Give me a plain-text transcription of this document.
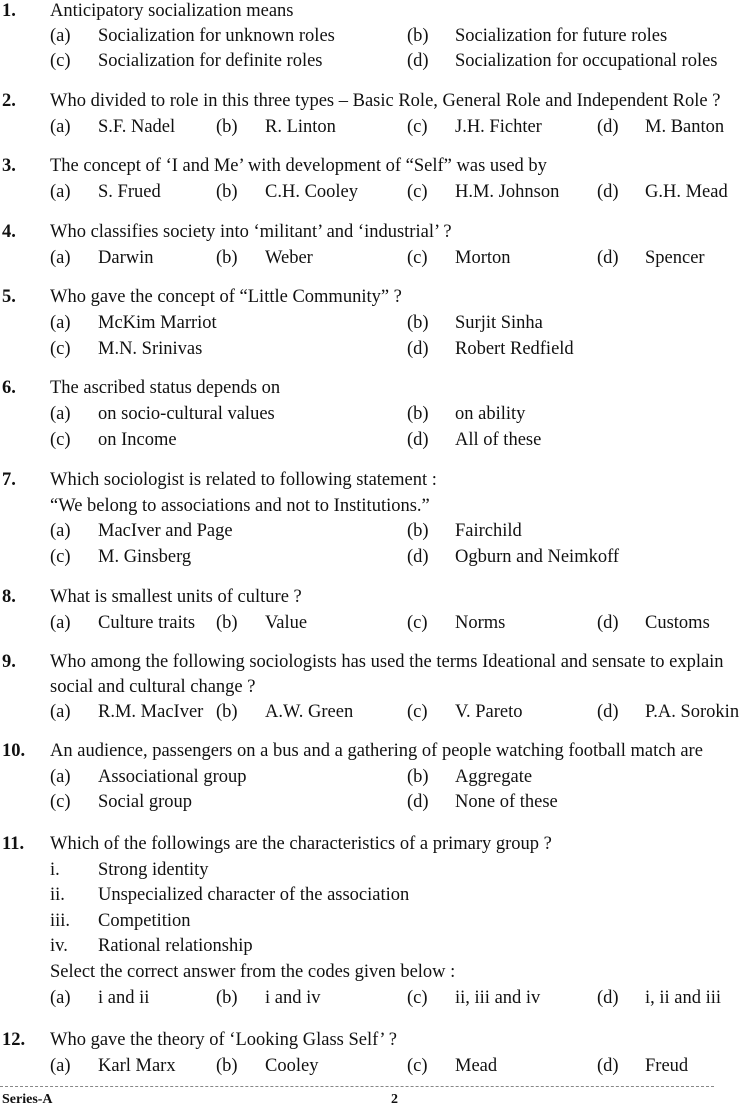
1. Anticipatory socialization means
(a) Socialization for unknown roles	(b) Socialization for future roles
(c) Socialization for definite roles	(d) Socialization for occupational roles
2. Who divided to role in this three types – Basic Role, General Role and Independent Role ?
(a) S.F. Nadel (b) R. Linton	(c) J.H. Fichter	(d) M. Banton
3. The concept of ‘I and Me’ with development of “Self” was used by
(a) S. Frued	(b) C.H. Cooley	(c) H.M. Johnson (d) G.H. Mead
4. Who classifies society into ‘militant’ and ‘industrial’ ?
(a) Darwin	(b) Weber	(c) Morton	(d) Spencer
5. Who gave the concept of “Little Community” ?
(a) McKim Marriot	(b) Surjit Sinha
(c) M.N. Srinivas	(d) Robert Redfield
6. The ascribed status depends on
(a) on socio-cultural values	(b) on ability
(c) on Income	(d) All of these
7. Which sociologist is related to following statement :
“We belong to associations and not to Institutions.”
(a) MacIver and Page	(b) Fairchild
(c) M. Ginsberg	(d) Ogburn and Neimkoff
8. What is smallest units of culture ?
(a) Culture traits (b) Value	(c) Norms	(d) Customs
9. Who among the following sociologists has used the terms Ideational and sensate to explain
social and cultural change ?
(a) R.M. MacIver (b) A.W. Green	(c) V. Pareto	(d) P.A. Sorokin
10. An audience, passengers on a bus and a gathering of people watching football match are
(a) Associational group	(b) Aggregate
(c) Social group	(d) None of these
11. Which of the followings are the characteristics of a primary group ?
i. Strong identity
ii. Unspecialized character of the association
iii. Competition
iv. Rational relationship
Select the correct answer from the codes given below :
(a) i and ii	(b) i and iv	(c) ii, iii and iv	(d) i, ii and iii
12. Who gave the theory of ‘Looking Glass Self’ ?
(a) Karl Marx (b) Cooley	(c) Mead	(d) Freud
Series-A	2
